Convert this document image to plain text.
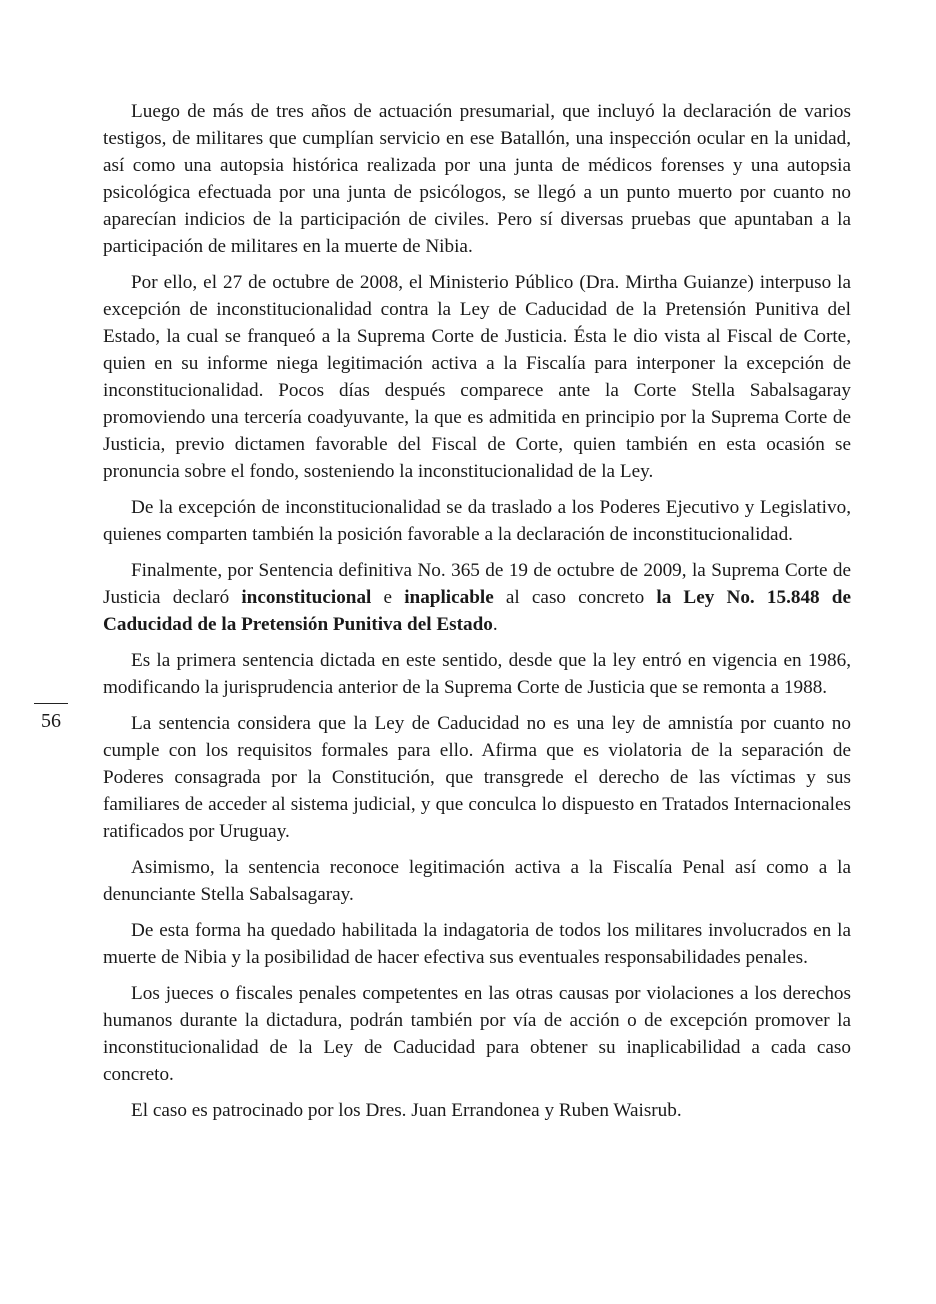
56

Luego de más de tres años de actuación presumarial, que incluyó la declaración de varios testigos, de militares que cumplían servicio en ese Batallón, una inspección ocular en la unidad, así como una autopsia histórica realizada por una junta de médicos forenses y una autopsia psicológica efectuada por una junta de psicólogos, se llegó a un punto muerto por cuanto no aparecían indicios de la participación de civiles. Pero sí diversas pruebas que apuntaban a la participación de militares en la muerte de Nibia.

Por ello, el 27 de octubre de 2008, el Ministerio Público (Dra. Mirtha Guianze) interpuso la excepción de inconstitucionalidad contra la Ley de Caducidad de la Pretensión Punitiva del Estado, la cual se franqueó a la Suprema Corte de Justicia. Ésta le dio vista al Fiscal de Corte, quien en su informe niega legitimación activa a la Fiscalía para interponer la excepción de inconstitucionalidad. Pocos días después comparece ante la Corte Stella Sabalsagaray promoviendo una tercería coadyuvante, la que es admitida en principio por la Suprema Corte de Justicia, previo dictamen favorable del Fiscal de Corte, quien también en esta ocasión se pronuncia sobre el fondo, sosteniendo la inconstitucionalidad de la Ley.

De la excepción de inconstitucionalidad se da traslado a los Poderes Ejecutivo y Legislativo, quienes comparten también la posición favorable a la declaración de inconstitucionalidad.

Finalmente, por Sentencia definitiva No. 365 de 19 de octubre de 2009, la Suprema Corte de Justicia declaró inconstitucional e inaplicable al caso concreto la Ley No. 15.848 de Caducidad de la Pretensión Punitiva del Estado.

Es la primera sentencia dictada en este sentido, desde que la ley entró en vigencia en 1986, modificando la jurisprudencia anterior de la Suprema Corte de Justicia que se remonta a 1988.

La sentencia considera que la Ley de Caducidad no es una ley de amnistía por cuanto no cumple con los requisitos formales para ello. Afirma que es violatoria de la separación de Poderes consagrada por la Constitución, que transgrede el derecho de las víctimas y sus familiares de acceder al sistema judicial, y que conculca lo dispuesto en Tratados Internacionales ratificados por Uruguay.

Asimismo, la sentencia reconoce legitimación activa a la Fiscalía Penal así como a la denunciante Stella Sabalsagaray.

De esta forma ha quedado habilitada la indagatoria de todos los militares involucrados en la muerte de Nibia y la posibilidad de hacer efectiva sus eventuales responsabilidades penales.

Los jueces o fiscales penales competentes en las otras causas por violaciones a los derechos humanos durante la dictadura, podrán también por vía de acción o de excepción promover la inconstitucionalidad de la Ley de Caducidad para obtener su inaplicabilidad a cada caso concreto.

El caso es patrocinado por los Dres. Juan Errandonea y Ruben Waisrub.
